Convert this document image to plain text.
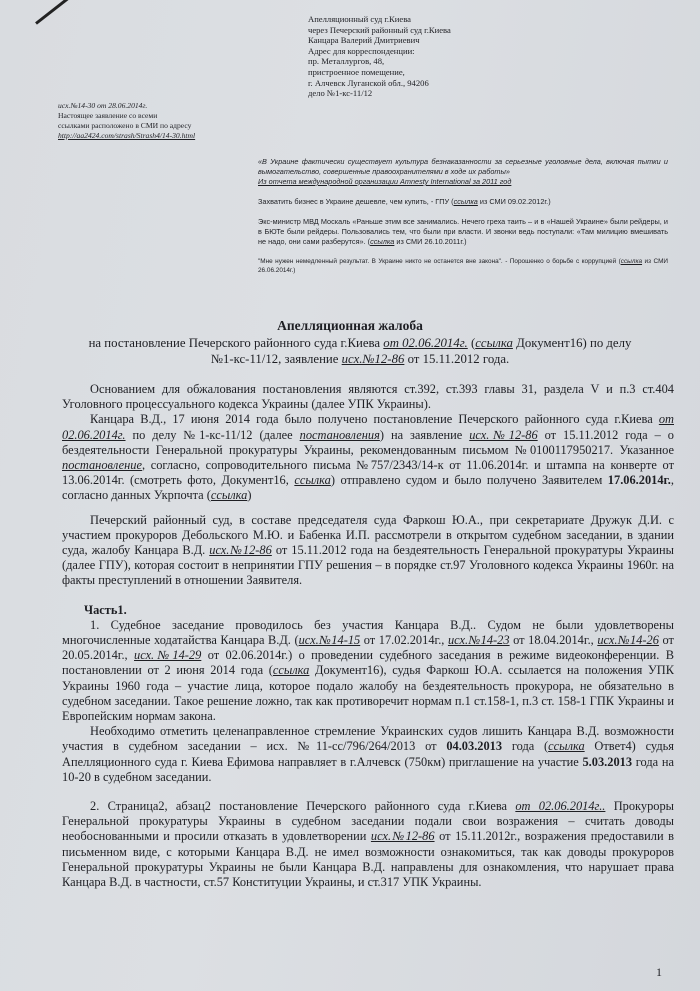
Апелляционный суд г.Киева
через Печерский районный суд г.Киева
Канцара Валерий Дмитриевич
Адрес для корреспонденции:
пр. Металлургов, 48,
пристроенное помещение,
г. Алчевск Луганской обл., 94206
дело №1-кс-11/12
исх.№14-30 от 28.06.2014г.
Настоящее заявление со всеми
ссылками расположено в СМИ по адресу
http://aa2424.com/strash/Strash4/14-30.html

«В Украине фактически существует культура безнаказанности за серьезные уголовные дела, включая пытки и вымогательство, совершенные правоохранителями в ходе их работы»
Из отчета международной организации Amnesty International за 2011 год

Захватить бизнес в Украине дешевле, чем купить, - ГПУ (ссылка из СМИ 09.02.2012г.)

Экс-министр МВД Москаль «Раньше этим все занимались. Нечего греха таить – и в «Нашей Украине» были рейдеры, и в БЮТе были рейдеры. Пользовались тем, что были при власти. И звонки ведь поступали: «Там милицию вмешивать не надо, они сами разберутся». (ссылка из СМИ 26.10.2011г.)

"Мне нужен немедленный результат. В Украине никто не останется вне закона". - Порошенко о борьбе с коррупцией (ссылка из СМИ 26.06.2014г.)

Апелляционная жалоба
на постановление Печерского районного суда г.Киева от 02.06.2014г. (ссылка Документ16) по делу №1-кс-11/12, заявление исх.№12-86 от 15.11.2012 года.

Основанием для обжалования постановления являются ст.392, ст.393 главы 31, раздела V и п.3 ст.404 Уголовного процессуального кодекса Украины (далее УПК Украины).

Канцара В.Д., 17 июня 2014 года было получено постановление Печерского районного суда г.Киева от 02.06.2014г. по делу №1-кс-11/12 (далее постановления) на заявление исх.№12-86 от 15.11.2012 года – о бездеятельности Генеральной прокуратуры Украины, рекомендованным письмом №0100117950217. Указанное постановление, согласно, сопроводительного письма №757/2343/14-к от 11.06.2014г. и штампа на конверте от 13.06.2014г. (смотреть фото, Документ16, ссылка) отправлено судом и было получено Заявителем 17.06.2014г., согласно данных Укрпочта (ссылка)

Печерский районный суд, в составе председателя суда Фаркош Ю.А., при секретариате Дружук Д.И. с участием прокуроров Дебольского М.Ю. и Бабенка И.П. рассмотрели в открытом судебном заседании, в здании суда, жалобу Канцара В.Д. исх.№12-86 от 15.11.2012 года на бездеятельность Генеральной прокуратуры Украины (далее ГПУ), которая состоит в непринятии ГПУ решения – в порядке ст.97 Уголовного кодекса Украины 1960г. на факты преступлений в отношении Заявителя.

Часть1.

1. Судебное заседание проводилось без участия Канцара В.Д.. Судом не были удовлетворены многочисленные ходатайства Канцара В.Д. (исх.№14-15 от 17.02.2014г., исх.№14-23 от 18.04.2014г., исх.№14-26 от 20.05.2014г., исх.№14-29 от 02.06.2014г.) о проведении судебного заседания в режиме видеоконференции. В постановлении от 2 июня 2014 года (ссылка Документ16), судья Фаркош Ю.А. ссылается на положения УПК Украины 1960 года – участие лица, которое подало жалобу на бездеятельность прокурора, не обязательно в судебном заседании. Такое решение ложно, так как противоречит нормам п.1 ст.158-1, п.3 ст. 158-1 ГПК Украины и Европейским нормам закона.

Необходимо отметить целенаправленное стремление Украинских судов лишить Канцара В.Д. возможности участия в судебном заседании – исх. №11-сс/796/264/2013 от 04.03.2013 года (ссылка Ответ4) судья Апелляционного суда г. Киева Ефимова направляет в г.Алчевск (750км) приглашение на участие 5.03.2013 года на 10-20 в судебном заседании.

2. Страница2, абзац2 постановление Печерского районного суда г.Киева от 02.06.2014г.. Прокуроры Генеральной прокуратуры Украины в судебном заседании подали свои возражения – считать доводы необоснованными и просили отказать в удовлетворении исх.№12-86 от 15.11.2012г., возражения предоставили в письменном виде, с которыми Канцара В.Д. не имел возможности ознакомиться, так как доводы прокуроров Генеральной прокуратуры Украины не были Канцара В.Д. направлены для ознакомления, что нарушает права Канцара В.Д. в частности, ст.57 Конституции Украины, и ст.317 УПК Украины.

1
